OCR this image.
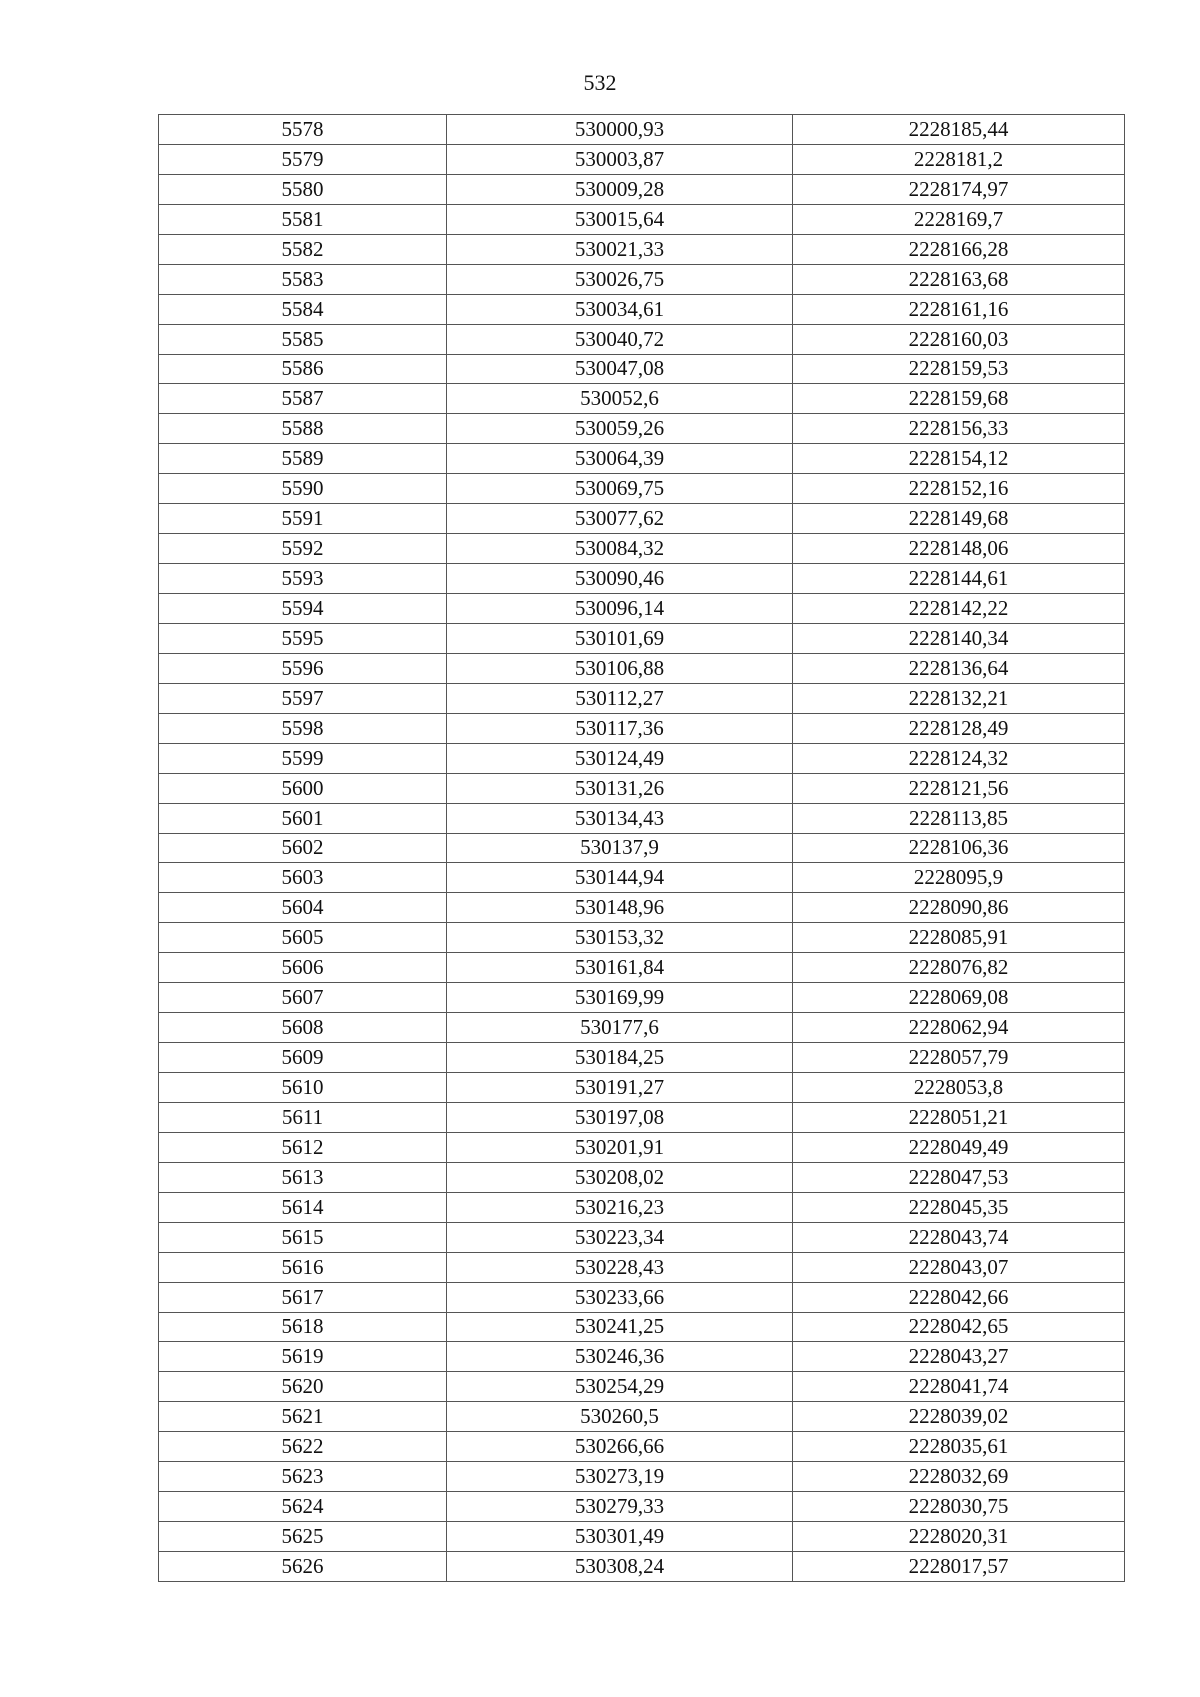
532
5578	530000,93	2228185,44
5579	530003,87	2228181,2
5580	530009,28	2228174,97
5581	530015,64	2228169,7
5582	530021,33	2228166,28
5583	530026,75	2228163,68
5584	530034,61	2228161,16
5585	530040,72	2228160,03
5586	530047,08	2228159,53
5587	530052,6	2228159,68
5588	530059,26	2228156,33
5589	530064,39	2228154,12
5590	530069,75	2228152,16
5591	530077,62	2228149,68
5592	530084,32	2228148,06
5593	530090,46	2228144,61
5594	530096,14	2228142,22
5595	530101,69	2228140,34
5596	530106,88	2228136,64
5597	530112,27	2228132,21
5598	530117,36	2228128,49
5599	530124,49	2228124,32
5600	530131,26	2228121,56
5601	530134,43	2228113,85
5602	530137,9	2228106,36
5603	530144,94	2228095,9
5604	530148,96	2228090,86
5605	530153,32	2228085,91
5606	530161,84	2228076,82
5607	530169,99	2228069,08
5608	530177,6	2228062,94
5609	530184,25	2228057,79
5610	530191,27	2228053,8
5611	530197,08	2228051,21
5612	530201,91	2228049,49
5613	530208,02	2228047,53
5614	530216,23	2228045,35
5615	530223,34	2228043,74
5616	530228,43	2228043,07
5617	530233,66	2228042,66
5618	530241,25	2228042,65
5619	530246,36	2228043,27
5620	530254,29	2228041,74
5621	530260,5	2228039,02
5622	530266,66	2228035,61
5623	530273,19	2228032,69
5624	530279,33	2228030,75
5625	530301,49	2228020,31
5626	530308,24	2228017,57
